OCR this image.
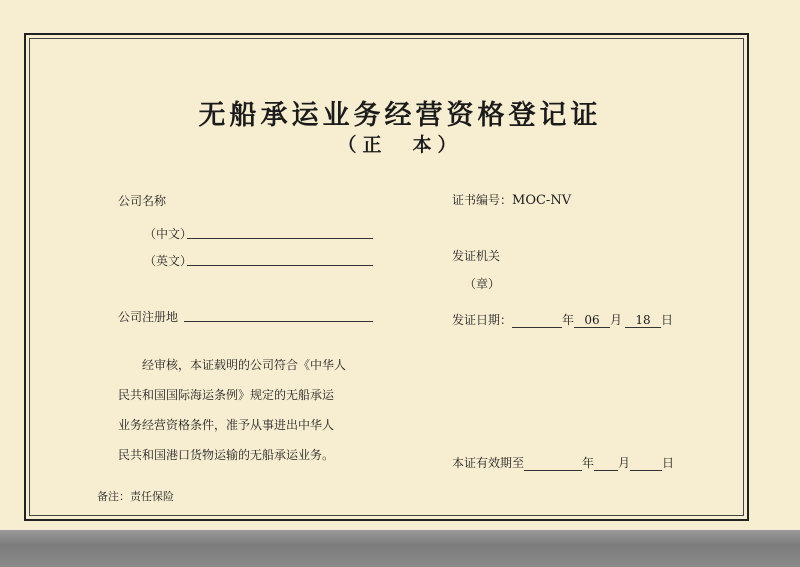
无船承运业务经营资格登记证
（正　本）
公司名称
（中文）
（英文）
公司注册地
经审核，本证载明的公司符合《中华人
民共和国国际海运条例》规定的无船承运
业务经营资格条件，准予从事进出中华人
民共和国港口货物运输的无船承运业务。
备注：责任保险
证书编号：MOC-NV
发证机关
（章）
发证日期：	年 06 月 18 日
本证有效期至	年 月	日
